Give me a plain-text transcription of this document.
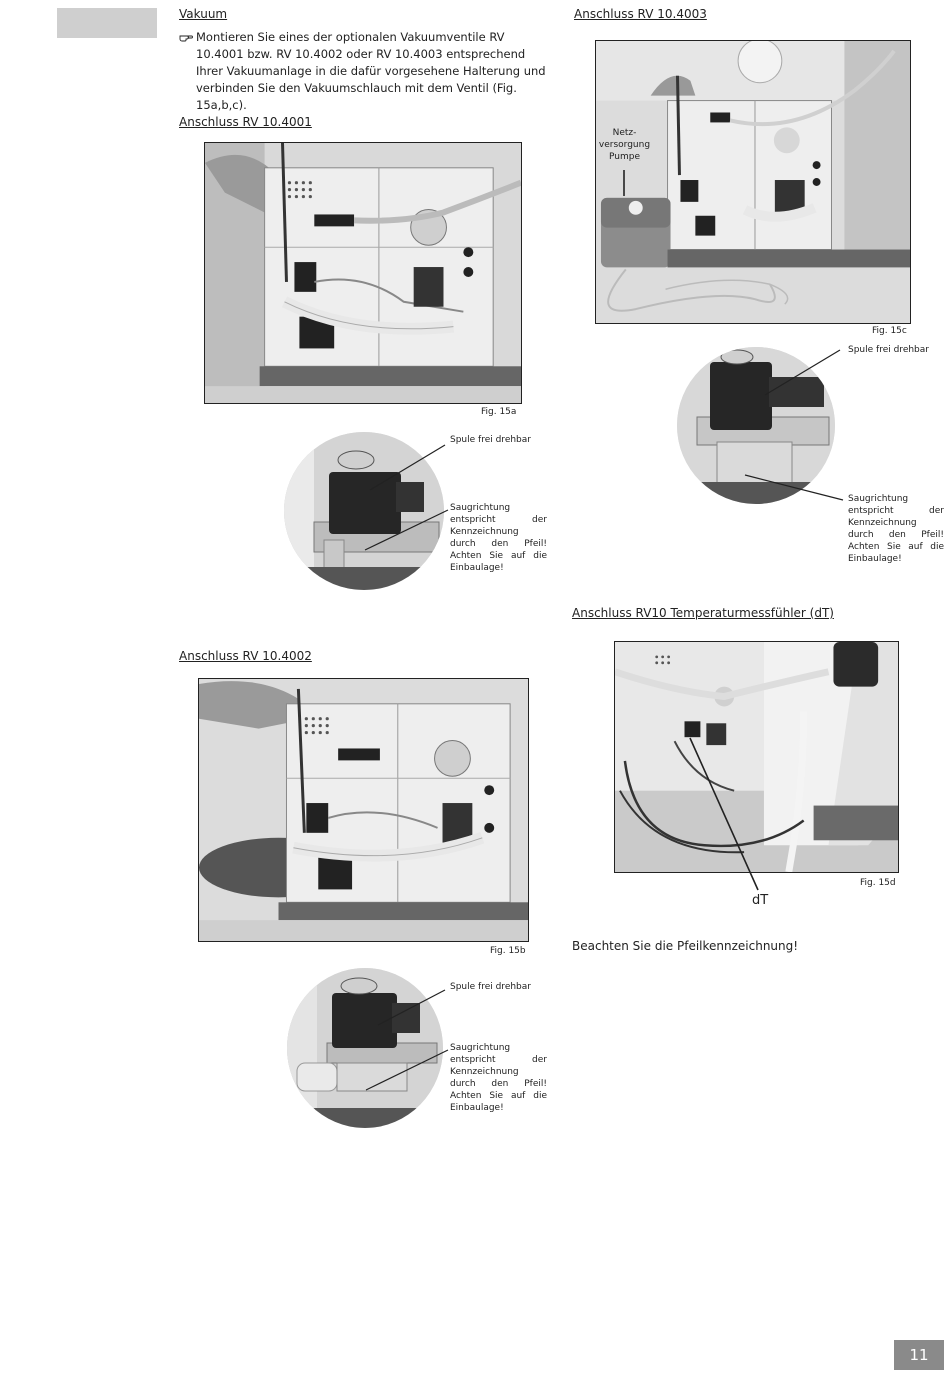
Vakuum
Montieren Sie eines der optionalen Vakuumventile RV 10.4001 bzw. RV 10.4002 oder RV 10.4003 entsprechend Ihrer Vakuumanlage in die dafür vorgesehene Halterung und verbinden Sie den Vakuumschlauch mit dem Ventil (Fig. 15a,b,c).
Anschluss RV 10.4001
Fig. 15a
Spule frei drehbar
Saugrichtung entspricht der Kennzeichnung durch den Pfeil! Achten Sie auf die Einbaulage!
Anschluss RV 10.4002
Fig. 15b
Spule frei drehbar
Saugrichtung entspricht der Kennzeichnung durch den Pfeil! Achten Sie auf die Einbaulage!
Anschluss RV 10.4003
Netz-
versorgung
Pumpe
Fig. 15c
Spule frei drehbar
Saugrichtung entspricht der Kennzeichnung durch den Pfeil! Achten Sie auf die Einbaulage!
Anschluss RV10 Temperaturmessfühler (dT)
Fig. 15d
dT
Beachten Sie die Pfeilkennzeichnung!
11
